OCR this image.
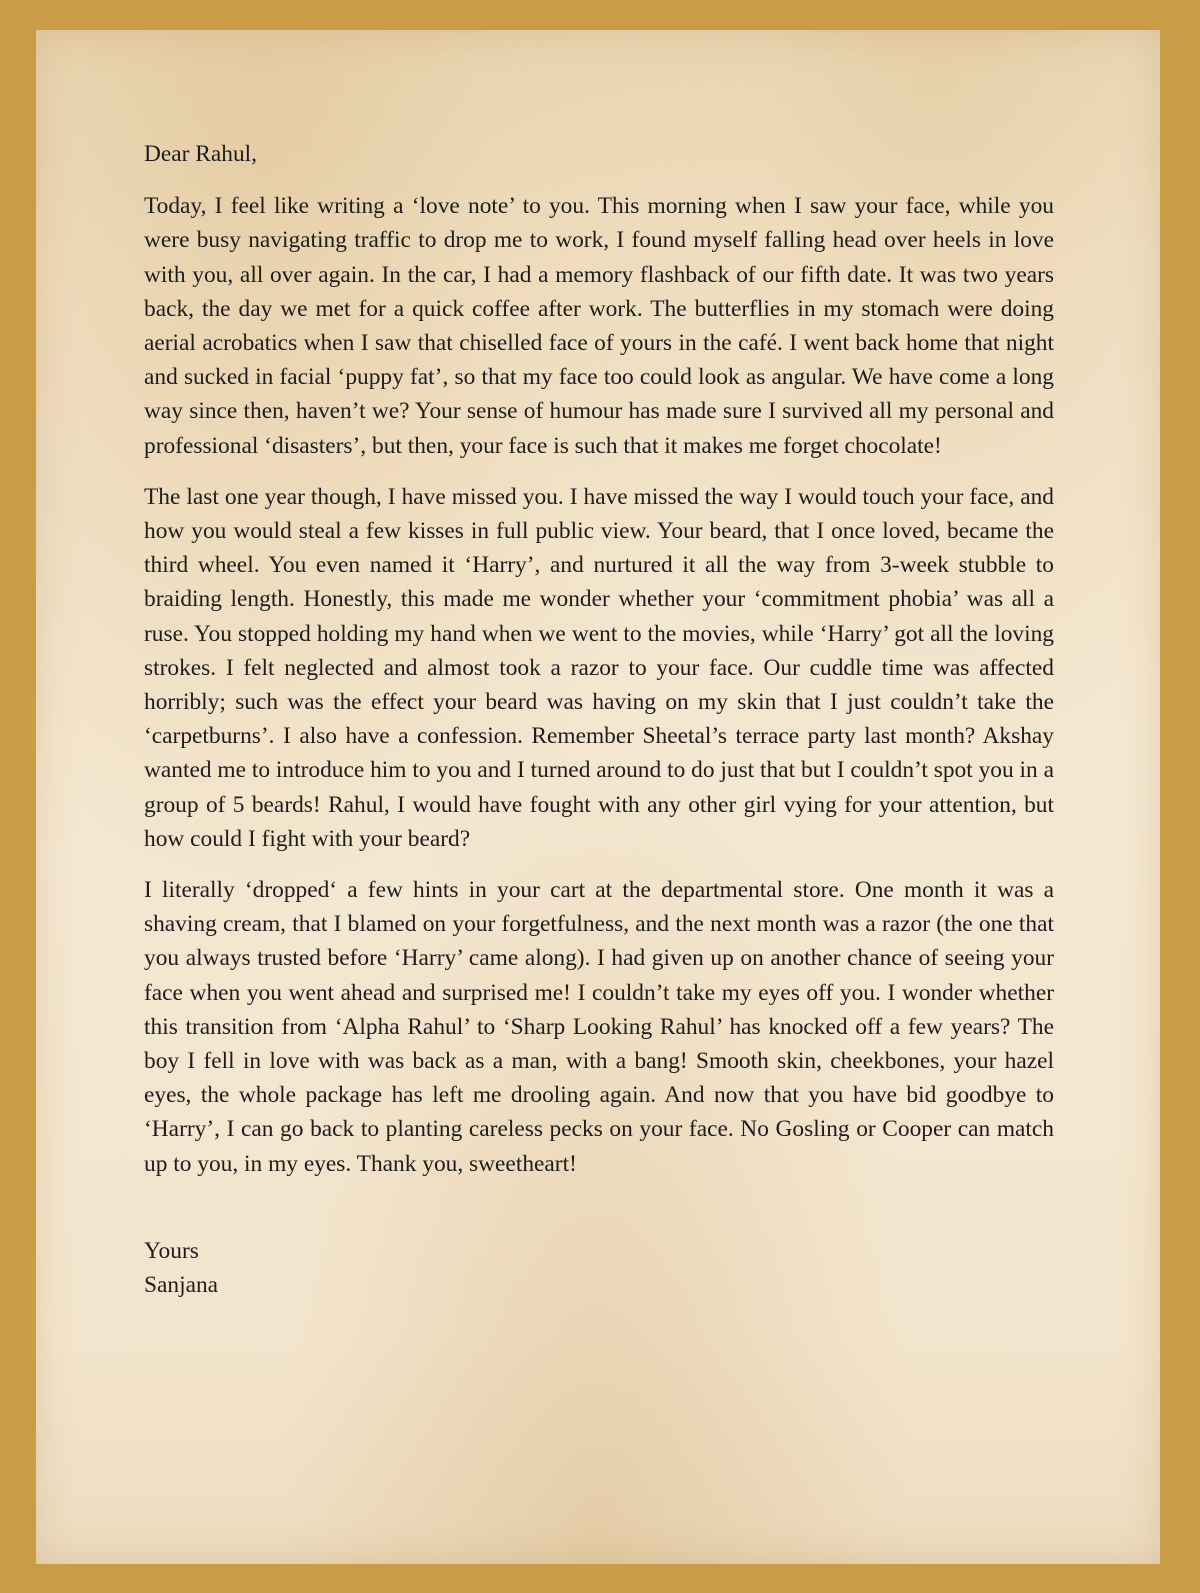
Dear Rahul,

Today, I feel like writing a ‘love note’ to you. This morning when I saw your face, while you were busy navigating traffic to drop me to work, I found myself falling head over heels in love with you, all over again. In the car, I had a memory flashback of our fifth date. It was two years back, the day we met for a quick coffee after work. The butterflies in my stomach were doing aerial acrobatics when I saw that chiselled face of yours in the café. I went back home that night and sucked in facial ‘puppy fat’, so that my face too could look as angular. We have come a long way since then, haven’t we? Your sense of humour has made sure I survived all my personal and professional ‘disasters’, but then, your face is such that it makes me forget chocolate!

The last one year though, I have missed you. I have missed the way I would touch your face, and how you would steal a few kisses in full public view. Your beard, that I once loved, became the third wheel. You even named it ‘Harry’, and nurtured it all the way from 3-week stubble to braiding length. Honestly, this made me wonder whether your ‘commitment phobia’ was all a ruse. You stopped holding my hand when we went to the movies, while ‘Harry’ got all the loving strokes. I felt neglected and almost took a razor to your face. Our cuddle time was affected horribly; such was the effect your beard was having on my skin that I just couldn’t take the ‘carpetburns’. I also have a confession. Remember Sheetal’s terrace party last month? Akshay wanted me to introduce him to you and I turned around to do just that but I couldn’t spot you in a group of 5 beards! Rahul, I would have fought with any other girl vying for your attention, but how could I fight with your beard?

I literally ‘dropped‘ a few hints in your cart at the departmental store. One month it was a shaving cream, that I blamed on your forgetfulness, and the next month was a razor (the one that you always trusted before ‘Harry’ came along). I had given up on another chance of seeing your face when you went ahead and surprised me! I couldn’t take my eyes off you. I wonder whether this transition from ‘Alpha Rahul’ to ‘Sharp Looking Rahul’ has knocked off a few years? The boy I fell in love with was back as a man, with a bang! Smooth skin, cheekbones, your hazel eyes, the whole package has left me drooling again. And now that you have bid goodbye to ‘Harry’, I can go back to planting careless pecks on your face. No Gosling or Cooper can match up to you, in my eyes. Thank you, sweetheart!

Yours
Sanjana
